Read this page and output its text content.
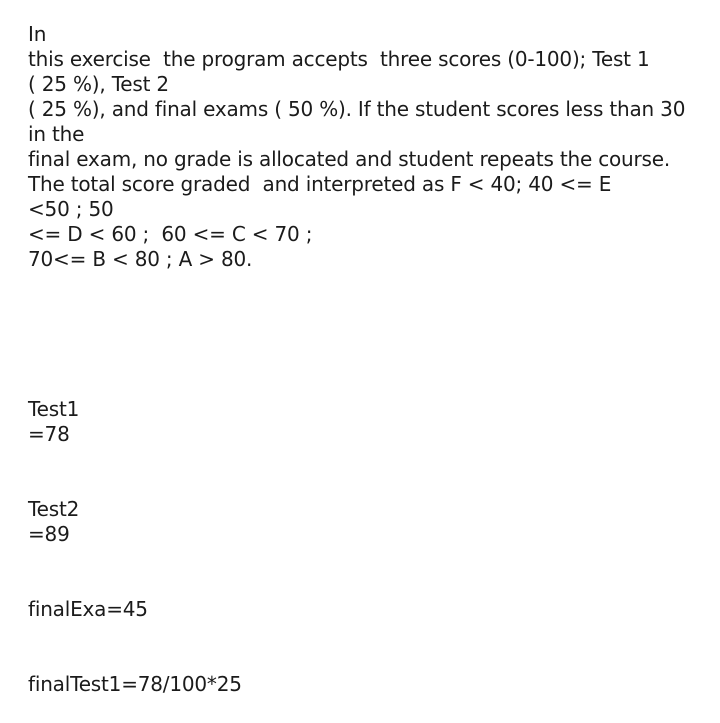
In
this exercise  the program accepts  three scores (0-100); Test 1
( 25 %), Test 2
( 25 %), and final exams ( 50 %). If the student scores less than 30
in the
final exam, no grade is allocated and student repeats the course.
The total score graded  and interpreted as F < 40; 40 <= E
<50 ; 50
<= D < 60 ;  60 <= C < 70 ;
70<= B < 80 ; A > 80.
Test1
=78
Test2
=89
finalExa=45
finalTest1=78/100*25
